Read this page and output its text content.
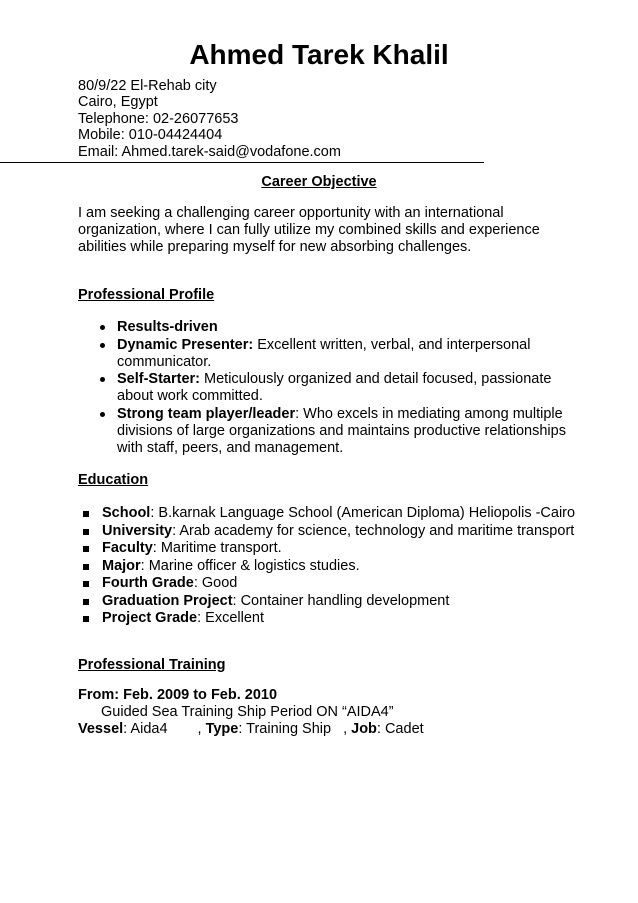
Ahmed Tarek Khalil
80/9/22 El-Rehab city
Cairo, Egypt
Telephone: 02-26077653
Mobile: 010-04424404
Email: Ahmed.tarek-said@vodafone.com
Career Objective
I am seeking a challenging career opportunity with an international
organization, where I can fully utilize my combined skills and experience
abilities while preparing myself for new absorbing challenges.
Professional Profile
Results-driven
Dynamic Presenter: Excellent written, verbal, and interpersonal
communicator.
Self-Starter: Meticulously organized and detail focused, passionate
about work committed.
Strong team player/leader: Who excels in mediating among multiple
divisions of large organizations and maintains productive relationships
with staff, peers, and management.
Education
School: B.karnak Language School (American Diploma) Heliopolis -Cairo
University: Arab academy for science, technology and maritime transport
Faculty: Maritime transport.
Major: Marine officer & logistics studies.
Fourth Grade: Good
Graduation Project: Container handling development
Project Grade: Excellent
Professional Training
From: Feb. 2009 to Feb. 2010
Guided Sea Training Ship Period ON “AIDA4”
Vessel: Aida4 , Type: Training Ship , Job: Cadet
